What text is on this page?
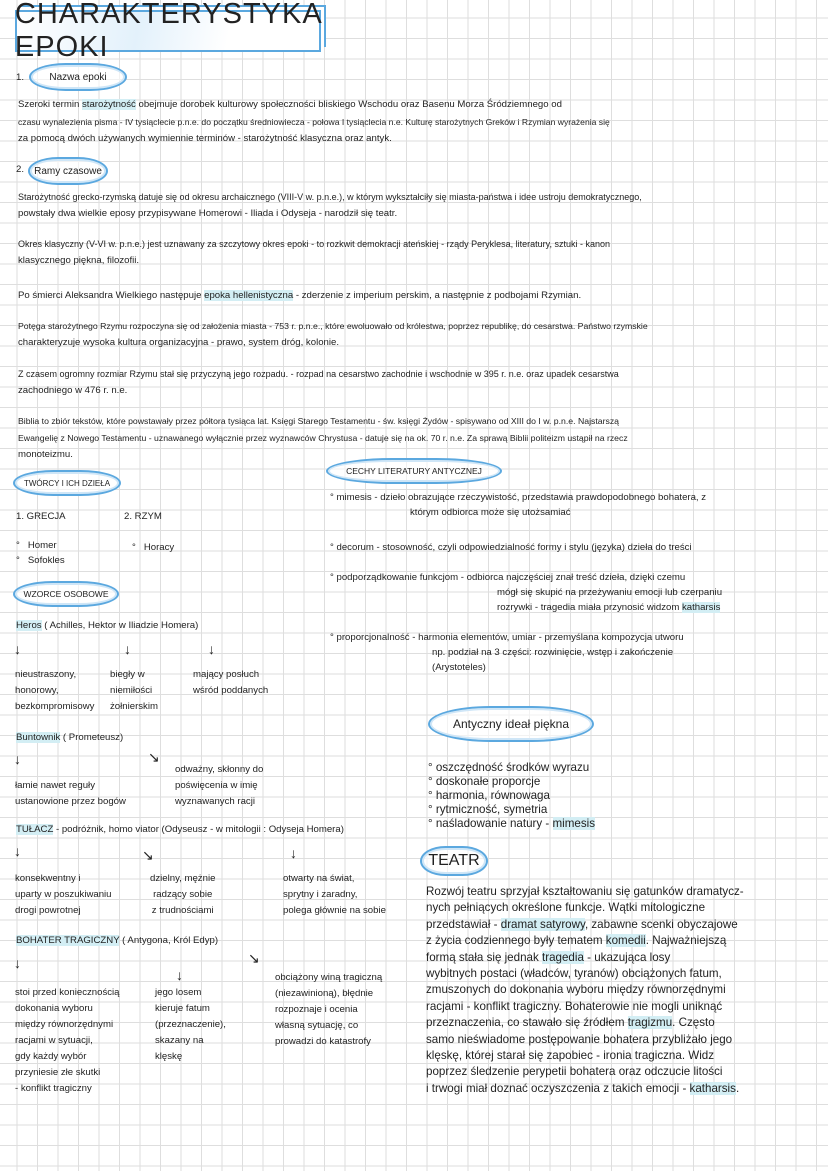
CHARAKTERYSTYKA EPOKI
1.	Nazwa epoki
Szeroki termin starożytność obejmuje dorobek kulturowy społeczności bliskiego Wschodu oraz Basenu Morza Śródziemnego od
czasu wynalezienia pisma - IV tysiąclecie p.n.e. do początku średniowiecza - połowa I tysiąclecia n.e. Kulturę starożytnych Greków i Rzymian wyrażenia się
za pomocą dwóch używanych wymiennie terminów - starożytność klasyczna oraz antyk.
2.	Ramy czasowe
Starożytność grecko-rzymską datuje się od okresu archaicznego (VIII-V w. p.n.e.), w którym wykształciły się miasta-państwa i idee ustroju demokratycznego,
powstały dwa wielkie eposy przypisywane Homerowi - Iliada i Odyseja - narodził się teatr.
Okres klasyczny (V-VI w. p.n.e.) jest uznawany za szczytowy okres epoki - to rozkwit demokracji ateńskiej - rządy Peryklesa, literatury, sztuki - kanon
klasycznego piękna, filozofii.
Po śmierci Aleksandra Wielkiego następuje epoka hellenistyczna - zderzenie z imperium perskim, a następnie z podbojami Rzymian.
Potęga starożytnego Rzymu rozpoczyna się od założenia miasta - 753 r. p.n.e., które ewoluowało od królestwa, poprzez republikę, do cesarstwa. Państwo rzymskie
charakteryzuje wysoka kultura organizacyjna - prawo, system dróg, kolonie.
Z czasem ogromny rozmiar Rzymu stał się przyczyną jego rozpadu. - rozpad na cesarstwo zachodnie i wschodnie w 395 r. n.e. oraz upadek cesarstwa
zachodniego w 476 r. n.e.
Biblia to zbiór tekstów, które powstawały przez półtora tysiąca lat. Księgi Starego Testamentu - św. księgi Żydów - spisywano od XIII do I w. p.n.e. Najstarszą
Ewangelię z Nowego Testamentu - uznawanego wyłącznie przez wyznawców Chrystusa - datuje się na ok. 70 r. n.e. Za sprawą Biblii politeizm ustąpił na rzecz
monoteizmu.
TWÓRCY I ICH DZIEŁA
1. GRECJA	2. RZYM
°   Homer
°   Sofokles
°   Horacy
WZORCE OSOBOWE
Heros ( Achilles, Hektor w Iliadzie Homera)
↓	↓	↓
nieustraszony,
honorowy,
bezkompromisowy
biegły w
niemiłości
żołnierskim
mający posłuch
wśród poddanych
Buntownik ( Prometeusz)
↓	↘
łamie nawet reguły
ustanowione przez bogów
odważny, skłonny do
poświęcenia w imię
wyznawanych racji
TUŁACZ - podróżnik, homo viator (Odyseusz - w mitologii : Odyseja Homera)
↓	↘	↓
konsekwentny i
uparty w poszukiwaniu
drogi powrotnej
dzielny, mężnie
radzący sobie
z trudnościami
otwarty na świat,
sprytny i zaradny,
polega głównie na sobie
BOHATER TRAGICZNY ( Antygona, Król Edyp)
↓
↓
↘
stoi przed koniecznością
dokonania wyboru
między równorzędnymi
racjami w sytuacji,
gdy każdy wybór
przyniesie złe skutki
- konflikt tragiczny
jego losem
kieruje fatum
(przeznaczenie),
skazany na
klęskę
obciążony winą tragiczną
(niezawinioną), błędnie
rozpoznaje i ocenia
własną sytuację, co
prowadzi do katastrofy
CECHY LITERATURY ANTYCZNEJ
° mimesis - dzieło obrazujące rzeczywistość, przedstawia prawdopodobnego bohatera, z
którym odbiorca może się utożsamiać
° decorum - stosowność, czyli odpowiedzialność formy i stylu (języka) dzieła do treści
° podporządkowanie funkcjom - odbiorca najczęściej znał treść dzieła, dzięki czemu
mógł się skupić na przeżywaniu emocji lub czerpaniu
rozrywki - tragedia miała przynosić widzom katharsis
° proporcjonalność - harmonia elementów, umiar - przemyślana kompozycja utworu
np. podział na 3 części: rozwinięcie, wstęp i zakończenie
(Arystoteles)
Antyczny ideał piękna
° oszczędność środków wyrazu
° doskonałe proporcje
° harmonia, równowaga
° rytmiczność, symetria
° naśladowanie natury - mimesis
TEATR
Rozwój teatru sprzyjał kształtowaniu się gatunków dramatycz-
nych pełniących określone funkcje. Wątki mitologiczne
przedstawiał - dramat satyrowy, zabawne scenki obyczajowe
z życia codziennego były tematem komedii. Najważniejszą
formą stała się jednak tragedia - ukazująca losy
wybitnych postaci (władców, tyranów) obciążonych fatum,
zmuszonych do dokonania wyboru między równorzędnymi
racjami - konflikt tragiczny. Bohaterowie nie mogli uniknąć
przeznaczenia, co stawało się źródłem tragizmu. Często
samo nieświadome postępowanie bohatera przybliżało jego
klęskę, której starał się zapobiec - ironia tragiczna. Widz
poprzez śledzenie perypetii bohatera oraz odczucie litości
i trwogi miał doznać oczyszczenia z takich emocji - katharsis.
